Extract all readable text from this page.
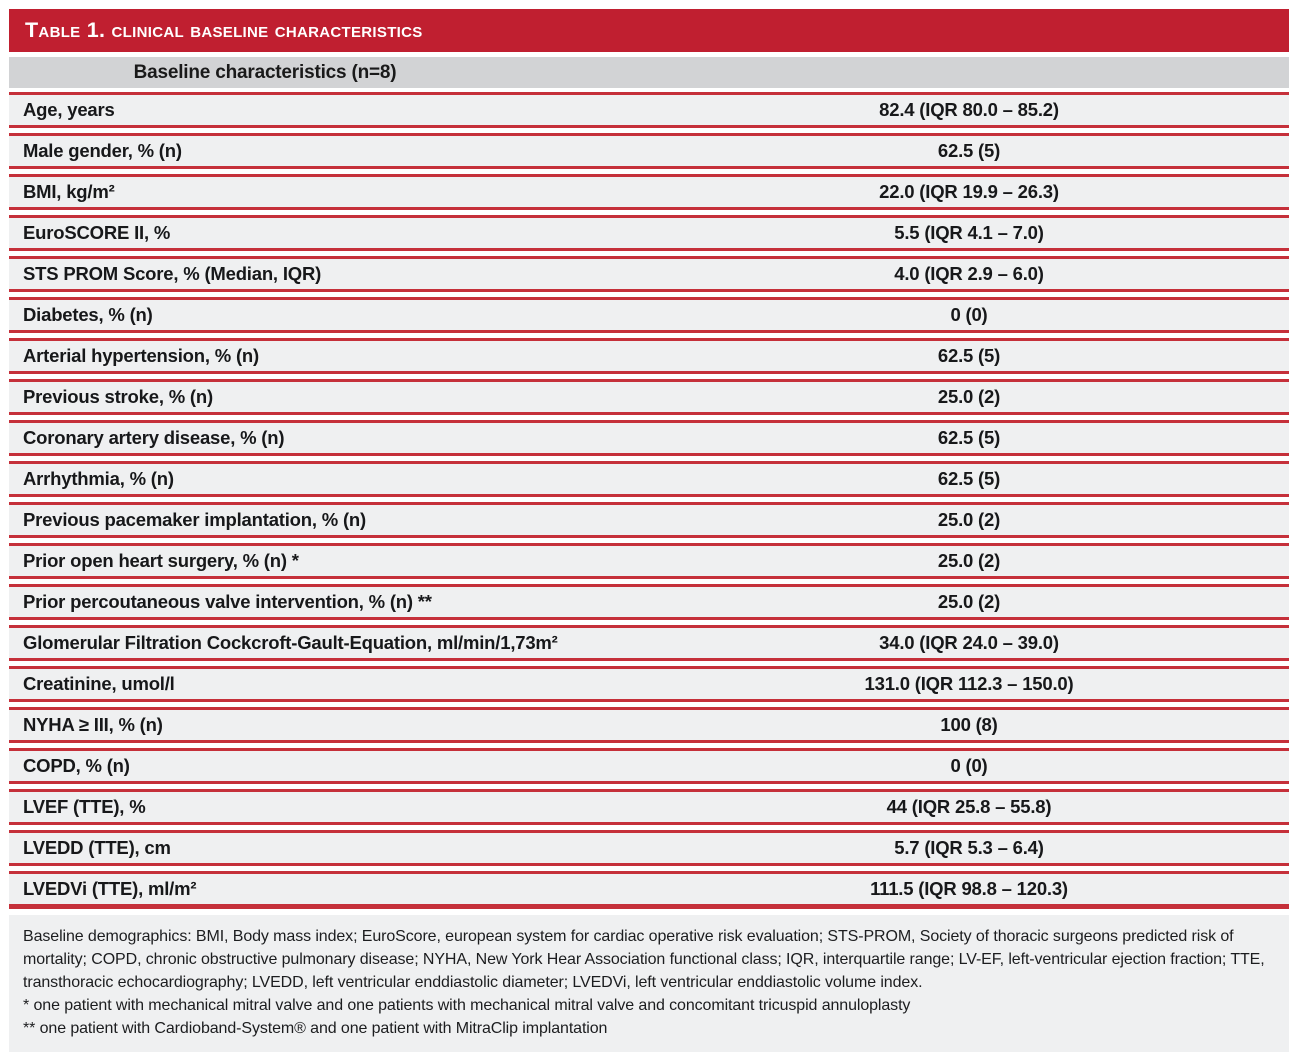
Table 1. clinical baseline characteristics
Baseline characteristics (n=8)
Age, years	82.4 (IQR 80.0 – 85.2)
Male gender, % (n)	62.5 (5)
BMI, kg/m²	22.0 (IQR 19.9 – 26.3)
EuroSCORE II, %	5.5 (IQR 4.1 – 7.0)
STS PROM Score, % (Median, IQR)	4.0 (IQR 2.9 – 6.0)
Diabetes, % (n)	0 (0)
Arterial hypertension, % (n)	62.5 (5)
Previous stroke, % (n)	25.0 (2)
Coronary artery disease, % (n)	62.5 (5)
Arrhythmia, % (n)	62.5 (5)
Previous pacemaker implantation, % (n)	25.0 (2)
Prior open heart surgery, % (n) *	25.0 (2)
Prior percoutaneous valve intervention, % (n) **	25.0 (2)
Glomerular Filtration Cockcroft-Gault-Equation, ml/min/1,73m²	34.0 (IQR 24.0 – 39.0)
Creatinine, umol/l	131.0 (IQR 112.3 – 150.0)
NYHA ≥ III, % (n)	100 (8)
COPD, % (n)	0 (0)
LVEF (TTE), %	44 (IQR 25.8 – 55.8)
LVEDD (TTE), cm	5.7 (IQR 5.3 – 6.4)
LVEDVi (TTE), ml/m²	111.5 (IQR 98.8 – 120.3)

Baseline demographics: BMI, Body mass index; EuroScore, european system for cardiac operative risk evaluation; STS-PROM, Society of thoracic surgeons predicted risk of mortality; COPD, chronic obstructive pulmonary disease; NYHA, New York Hear Association functional class; IQR, interquartile range; LV-EF, left-ventricular ejection fraction; TTE, transthoracic echocardiography; LVEDD, left ventricular enddiastolic diameter; LVEDVi, left ventricular enddiastolic volume index.

* one patient with mechanical mitral valve and one patients with mechanical mitral valve and concomitant tricuspid annuloplasty

** one patient with Cardioband-System® and one patient with MitraClip implantation
